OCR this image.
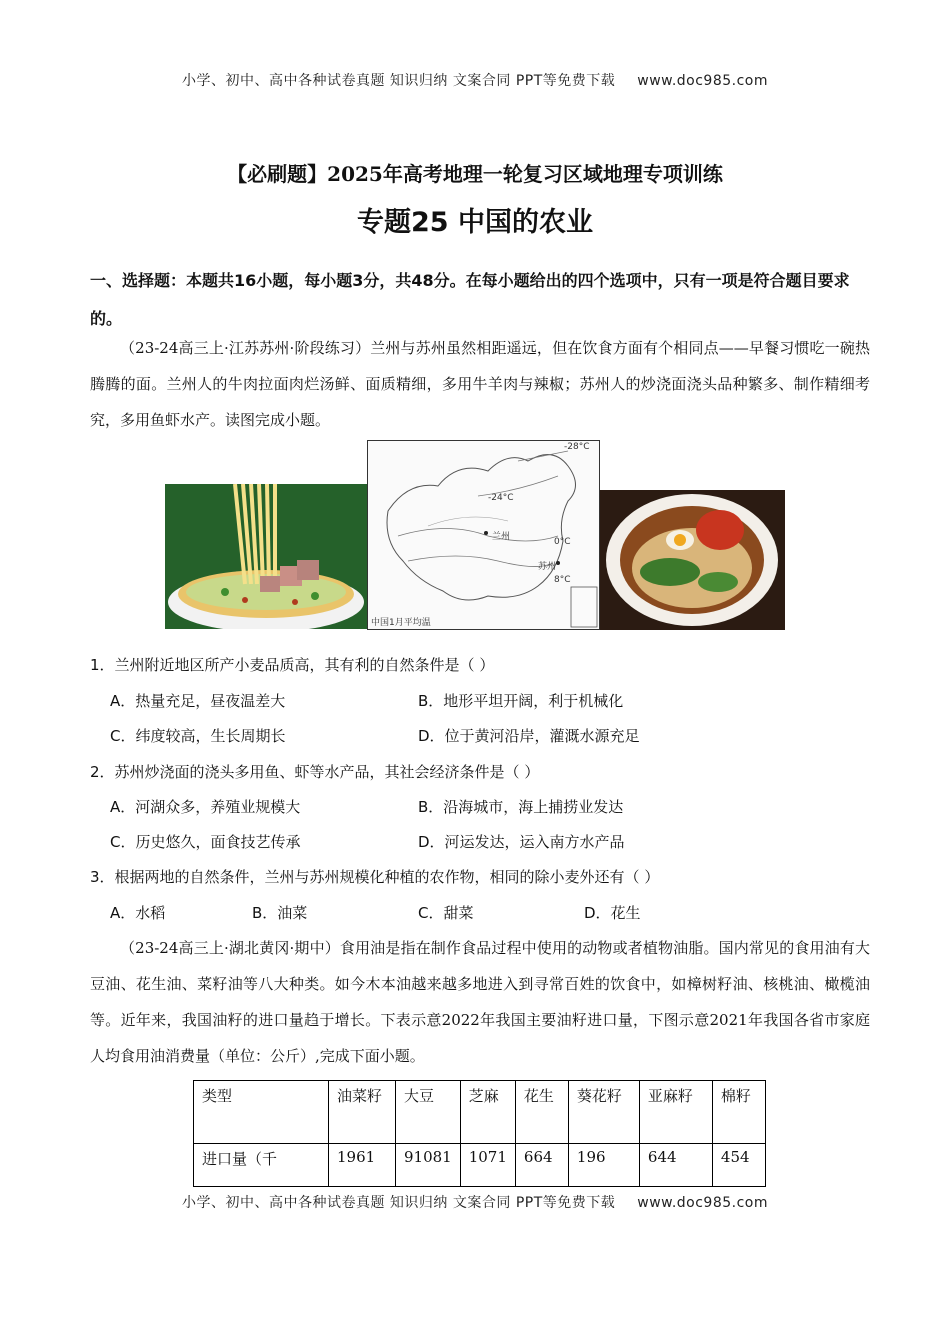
小学、初中、高中各种试卷真题 知识归纳 文案合同 PPT等免费下载 www.doc985.com
【必刷题】2025年高考地理一轮复习区域地理专项训练
专题25 中国的农业
一、选择题：本题共16小题，每小题3分，共48分。在每小题给出的四个选项中，只有一项是符合题目要求的。
（23-24高三上·江苏苏州·阶段练习）兰州与苏州虽然相距遥远，但在饮食方面有个相同点——早餐习惯吃一碗热腾腾的面。兰州人的牛肉拉面肉烂汤鲜、面质精细，多用牛羊肉与辣椒；苏州人的炒浇面浇头品种繁多、制作精细考究，多用鱼虾水产。读图完成小题。
-28°C
-24°C
0°C
8°C
兰州
苏州
中国1月平均温
1．兰州附近地区所产小麦品质高，其有利的自然条件是（ ）
A．热量充足，昼夜温差大	B．地形平坦开阔，利于机械化
C．纬度较高，生长周期长	D．位于黄河沿岸，灌溉水源充足
2．苏州炒浇面的浇头多用鱼、虾等水产品，其社会经济条件是（ ）
A．河湖众多，养殖业规模大	B．沿海城市，海上捕捞业发达
C．历史悠久，面食技艺传承	D．河运发达，运入南方水产品
3．根据两地的自然条件，兰州与苏州规模化种植的农作物，相同的除小麦外还有（ ）
A．水稻	B．油菜	C．甜菜	D．花生
（23-24高三上·湖北黄冈·期中）食用油是指在制作食品过程中使用的动物或者植物油脂。国内常见的食用油有大豆油、花生油、菜籽油等八大种类。如今木本油越来越多地进入到寻常百姓的饮食中，如樟树籽油、核桃油、橄榄油等。近年来，我国油籽的进口量趋于增长。下表示意2022年我国主要油籽进口量，下图示意2021年我国各省市家庭人均食用油消费量（单位：公斤）,完成下面小题。
类型	油菜籽	大豆	芝麻	花生	葵花籽	亚麻籽	棉籽
进口量（千	1961	91081	1071	664	196	644	454
小学、初中、高中各种试卷真题 知识归纳 文案合同 PPT等免费下载 www.doc985.com
